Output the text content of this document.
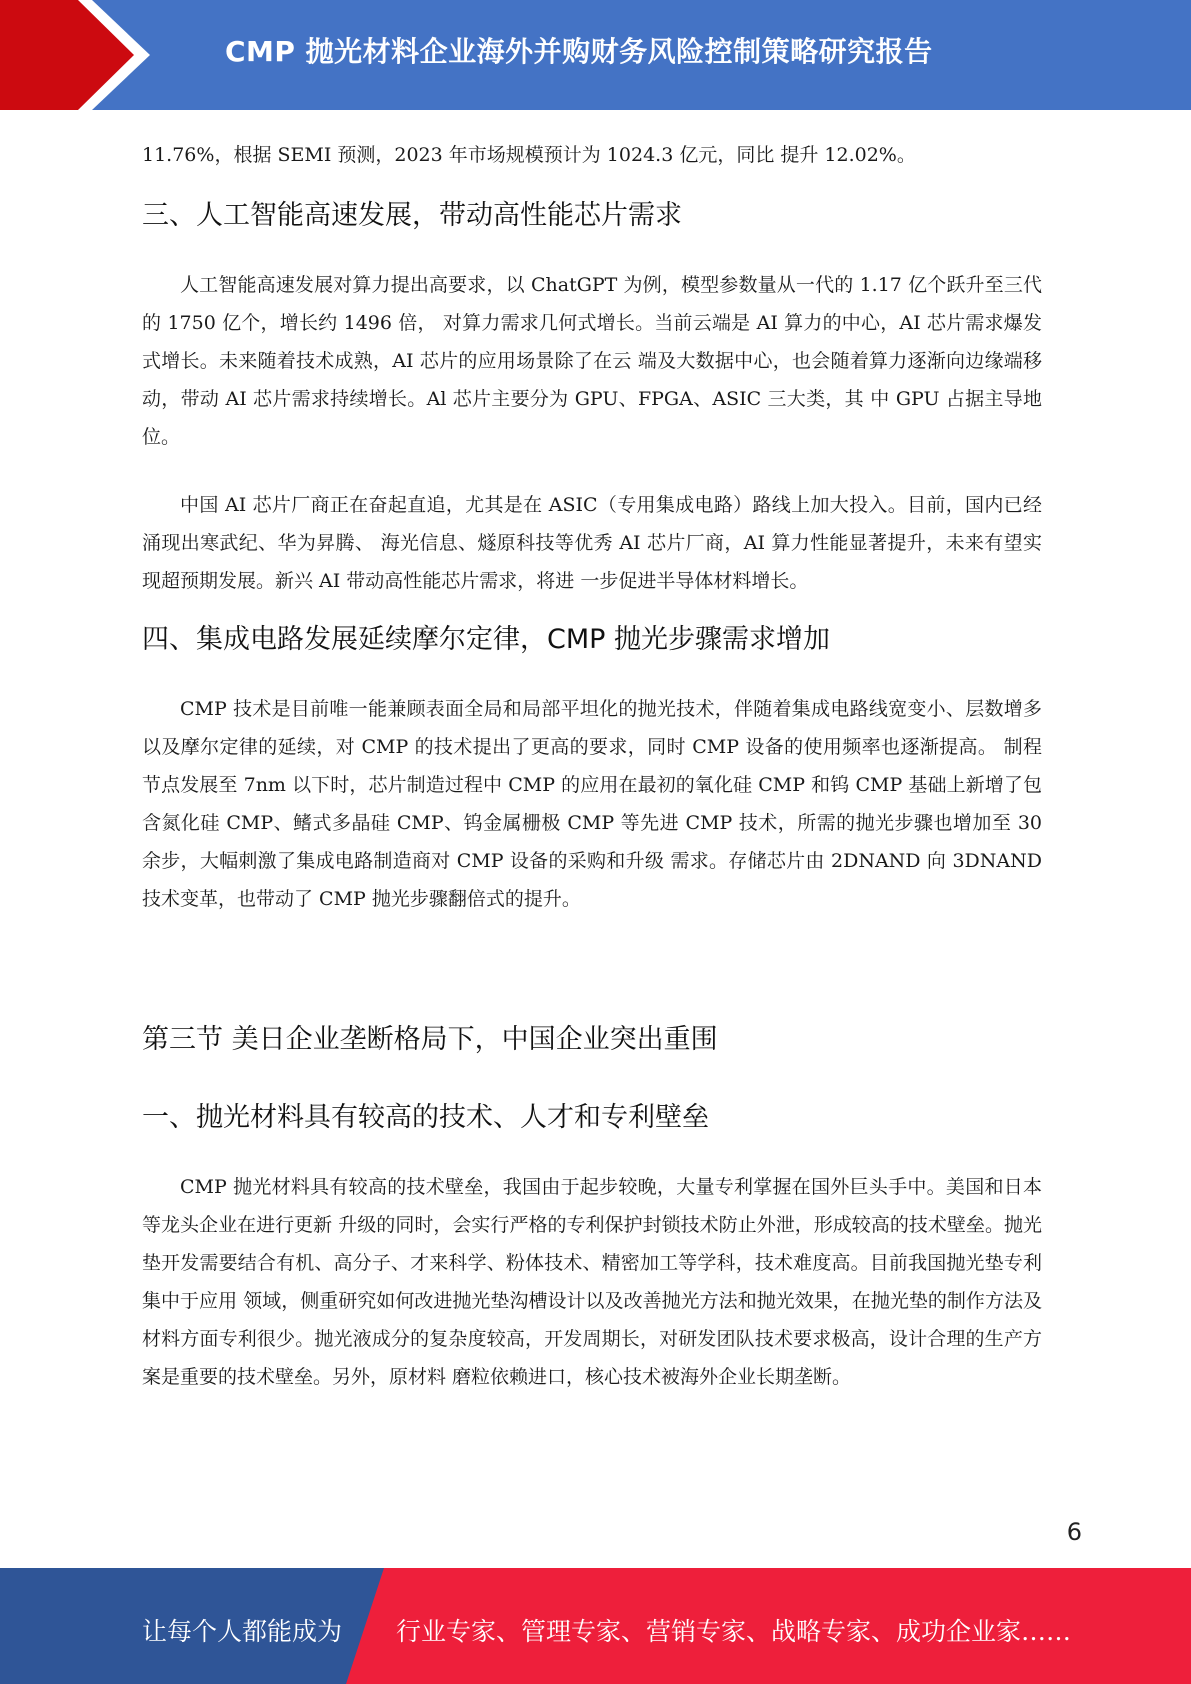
CMP 抛光材料企业海外并购财务风险控制策略研究报告

11.76%，根据 SEMI 预测，2023 年市场规模预计为 1024.3 亿元，同比 提升 12.02%。

三、人工智能高速发展，带动高性能芯片需求

人工智能高速发展对算力提出高要求，以 ChatGPT 为例，模型参数量从一代的 1.17 亿个跃升至三代的 1750 亿个，增长约 1496 倍， 对算力需求几何式增长。当前云端是 AI 算力的中心，AI 芯片需求爆发式增长。未来随着技术成熟，AI 芯片的应用场景除了在云 端及大数据中心，也会随着算力逐渐向边缘端移动，带动 AI 芯片需求持续增长。Al 芯片主要分为 GPU、FPGA、ASIC 三大类，其 中 GPU 占据主导地位。

中国 AI 芯片厂商正在奋起直追，尤其是在 ASIC（专用集成电路）路线上加大投入。目前，国内已经涌现出寒武纪、华为昇腾、 海光信息、燧原科技等优秀 AI 芯片厂商，AI 算力性能显著提升，未来有望实现超预期发展。新兴 AI 带动高性能芯片需求，将进 一步促进半导体材料增长。

四、集成电路发展延续摩尔定律，CMP 抛光步骤需求增加

CMP 技术是目前唯一能兼顾表面全局和局部平坦化的抛光技术，伴随着集成电路线宽变小、层数增多以及摩尔定律的延续，对 CMP 的技术提出了更高的要求，同时 CMP 设备的使用频率也逐渐提高。 制程节点发展至 7nm 以下时，芯片制造过程中 CMP 的应用在最初的氧化硅 CMP 和钨 CMP 基础上新增了包含氮化硅 CMP、鳍式多晶硅 CMP、钨金属栅极 CMP 等先进 CMP 技术，所需的抛光步骤也增加至 30 余步，大幅刺激了集成电路制造商对 CMP 设备的采购和升级 需求。存储芯片由 2DNAND 向 3DNAND 技术变革，也带动了 CMP 抛光步骤翻倍式的提升。

第三节 美日企业垄断格局下，中国企业突出重围
一、抛光材料具有较高的技术、人才和专利壁垒

CMP 抛光材料具有较高的技术壁垒，我国由于起步较晚，大量专利掌握在国外巨头手中。美国和日本等龙头企业在进行更新 升级的同时，会实行严格的专利保护封锁技术防止外泄，形成较高的技术壁垒。抛光垫开发需要结合有机、高分子、才来科学、粉体技术、精密加工等学科，技术难度高。目前我国抛光垫专利集中于应用 领域，侧重研究如何改进抛光垫沟槽设计以及改善抛光方法和抛光效果，在抛光垫的制作方法及材料方面专利很少。抛光液成分的复杂度较高，开发周期长，对研发团队技术要求极高，设计合理的生产方案是重要的技术壁垒。另外，原材料 磨粒依赖进口，核心技术被海外企业长期垄断。

6
让每个人都能成为 行业专家、管理专家、营销专家、战略专家、成功企业家……
